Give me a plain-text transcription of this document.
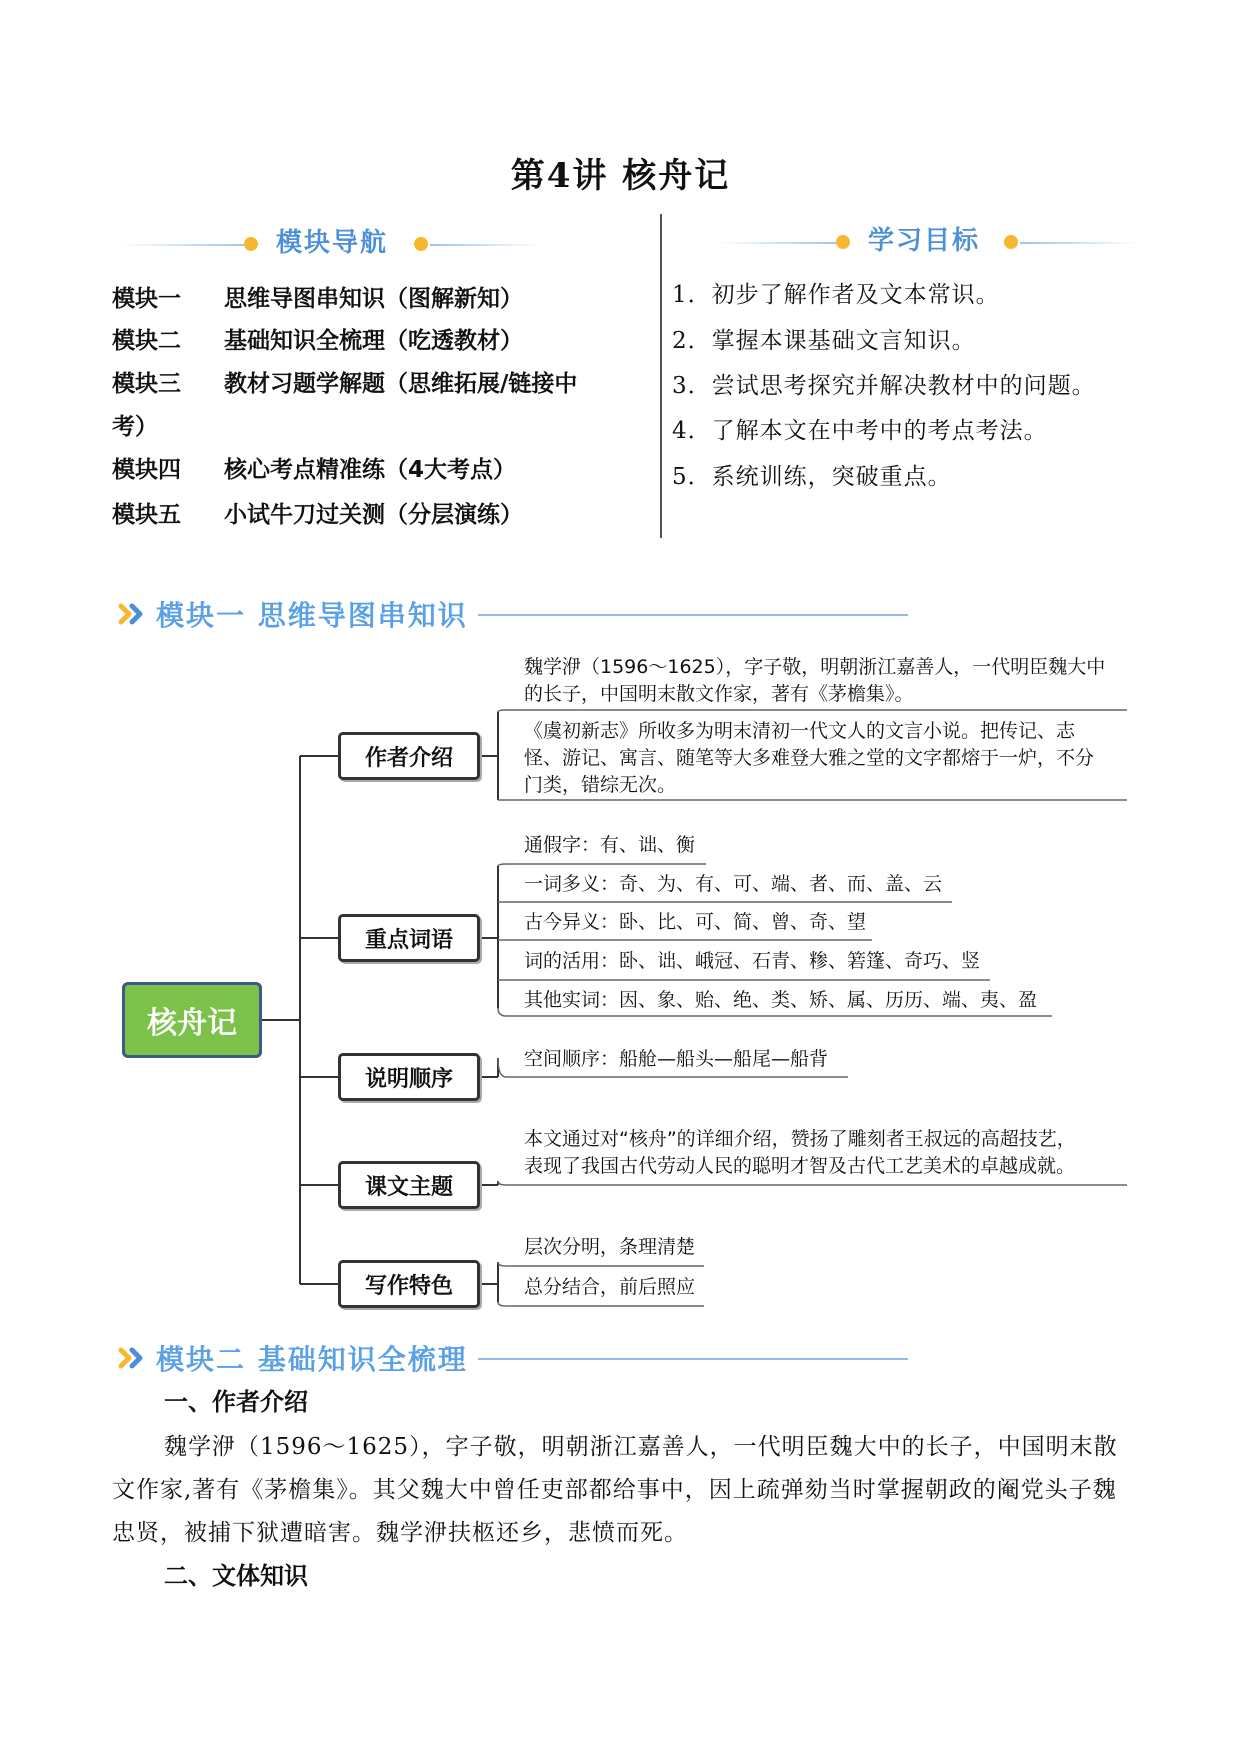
第4讲 核舟记
模块导航
模块一 思维导图串知识（图解新知）
模块二 基础知识全梳理（吃透教材）
模块三 教材习题学解题（思维拓展/链接中
考）
模块四 核心考点精准练（4大考点）
模块五 小试牛刀过关测（分层演练）
学习目标
1．初步了解作者及文本常识。
2．掌握本课基础文言知识。
3．尝试思考探究并解决教材中的问题。
4．了解本文在中考中的考点考法。
5．系统训练，突破重点。
模块一 思维导图串知识
核舟记
作者介绍
重点词语
说明顺序
课文主题
写作特色
魏学洢（1596～1625），字子敬，明朝浙江嘉善人，一代明臣魏大中
的长子，中国明末散文作家，著有《茅檐集》。
《虞初新志》所收多为明末清初一代文人的文言小说。把传记、志
怪、游记、寓言、随笔等大多难登大雅之堂的文字都熔于一炉，不分
门类，错综无次。
通假字：有、诎、衡
一词多义：奇、为、有、可、端、者、而、盖、云
古今异义：卧、比、可、简、曾、奇、望
词的活用：卧、诎、峨冠、石青、糁、箬篷、奇巧、竖
其他实词：因、象、贻、绝、类、矫、属、历历、端、夷、盈
空间顺序：船舱—船头—船尾—船背
本文通过对“核舟”的详细介绍，赞扬了雕刻者王叔远的高超技艺，
表现了我国古代劳动人民的聪明才智及古代工艺美术的卓越成就。
层次分明，条理清楚
总分结合，前后照应
模块二 基础知识全梳理
一、作者介绍
魏学洢（1596～1625），字子敬，明朝浙江嘉善人，一代明臣魏大中的长子，中国明末散文作家,著有《茅檐集》。其父魏大中曾任吏部都给事中，因上疏弹劾当时掌握朝政的阉党头子魏忠贤，被捕下狱遭暗害。魏学洢扶柩还乡，悲愤而死。
二、文体知识
